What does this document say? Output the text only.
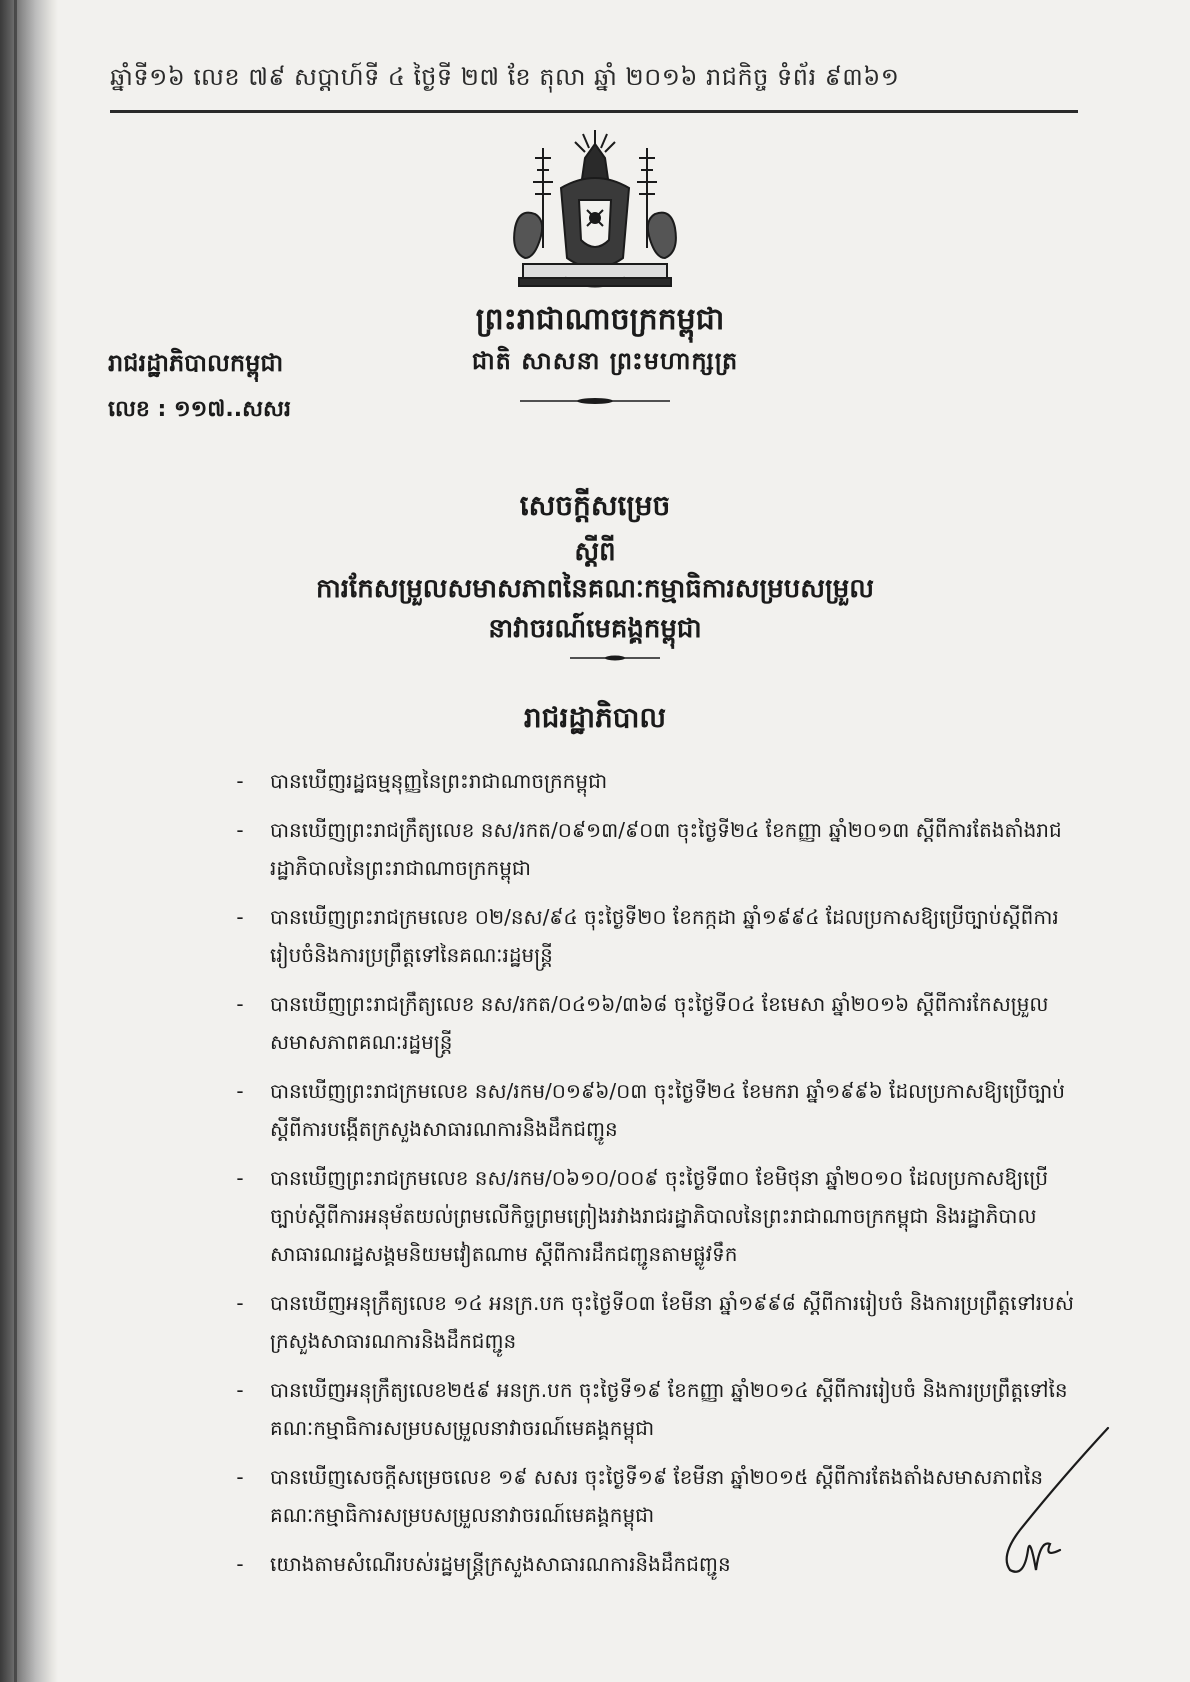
ឆ្នាំទី១៦ លេខ ៧៩ សប្តាហ៍ទី ៤ ថ្ងៃទី ២៧ ខែ តុលា ឆ្នាំ ២០១៦ រាជកិច្ច ទំព័រ ៩៣៦១
ព្រះរាជាណាចក្រកម្ពុជា
ជាតិ សាសនា ព្រះមហាក្សត្រ
រាជរដ្ឋាភិបាលកម្ពុជា
លេខ : ១១៧..សសរ
សេចក្តីសម្រេច
ស្តីពី
ការកែសម្រួលសមាសភាពនៃគណៈកម្មាធិការសម្របសម្រួល
នាវាចរណ៍មេគង្គកម្ពុជា
រាជរដ្ឋាភិបាល
-	បានឃើញរដ្ឋធម្មនុញ្ញនៃព្រះរាជាណាចក្រកម្ពុជា
-	បានឃើញព្រះរាជក្រឹត្យលេខ នស/រកត/០៩១៣/៩០៣ ចុះថ្ងៃទី២៤ ខែកញ្ញា ឆ្នាំ២០១៣ ស្តីពីការតែងតាំងរាជរដ្ឋាភិបាលនៃព្រះរាជាណាចក្រកម្ពុជា
-	បានឃើញព្រះរាជក្រមលេខ ០២/នស/៩៤ ចុះថ្ងៃទី២០ ខែកក្កដា ឆ្នាំ១៩៩៤ ដែលប្រកាសឱ្យប្រើច្បាប់ស្តីពីការរៀបចំនិងការប្រព្រឹត្តទៅនៃគណៈរដ្ឋមន្ត្រី
-	បានឃើញព្រះរាជក្រឹត្យលេខ នស/រកត/០៤១៦/៣៦៨ ចុះថ្ងៃទី០៤ ខែមេសា ឆ្នាំ២០១៦ ស្តីពីការកែសម្រួលសមាសភាពគណៈរដ្ឋមន្ត្រី
-	បានឃើញព្រះរាជក្រមលេខ នស/រកម/០១៩៦/០៣ ចុះថ្ងៃទី២៤ ខែមករា ឆ្នាំ១៩៩៦ ដែលប្រកាសឱ្យប្រើច្បាប់ស្តីពីការបង្កើតក្រសួងសាធារណការនិងដឹកជញ្ជូន
-	បានឃើញព្រះរាជក្រមលេខ នស/រកម/០៦១០/០០៩ ចុះថ្ងៃទី៣០ ខែមិថុនា ឆ្នាំ២០១០ ដែលប្រកាសឱ្យប្រើច្បាប់ស្តីពីការអនុម័តយល់ព្រមលើកិច្ចព្រមព្រៀងរវាងរាជរដ្ឋាភិបាលនៃព្រះរាជាណាចក្រកម្ពុជា និងរដ្ឋាភិបាលសាធារណរដ្ឋសង្គមនិយមវៀតណាម ស្តីពីការដឹកជញ្ជូនតាមផ្លូវទឹក
-	បានឃើញអនុក្រឹត្យលេខ ១៤ អនក្រ.បក ចុះថ្ងៃទី០៣ ខែមីនា ឆ្នាំ១៩៩៨ ស្តីពីការរៀបចំ និងការប្រព្រឹត្តទៅរបស់ក្រសួងសាធារណការនិងដឹកជញ្ជូន
-	បានឃើញអនុក្រឹត្យលេខ២៥៩ អនក្រ.បក ចុះថ្ងៃទី១៩ ខែកញ្ញា ឆ្នាំ២០១៤ ស្តីពីការរៀបចំ និងការប្រព្រឹត្តទៅនៃគណៈកម្មាធិការសម្របសម្រួលនាវាចរណ៍មេគង្គកម្ពុជា
-	បានឃើញសេចក្តីសម្រេចលេខ ១៩ សសរ ចុះថ្ងៃទី១៩ ខែមីនា ឆ្នាំ២០១៥ ស្តីពីការតែងតាំងសមាសភាពនៃគណៈកម្មាធិការសម្របសម្រួលនាវាចរណ៍មេគង្គកម្ពុជា
-	យោងតាមសំណើរបស់រដ្ឋមន្ត្រីក្រសួងសាធារណការនិងដឹកជញ្ជូន
